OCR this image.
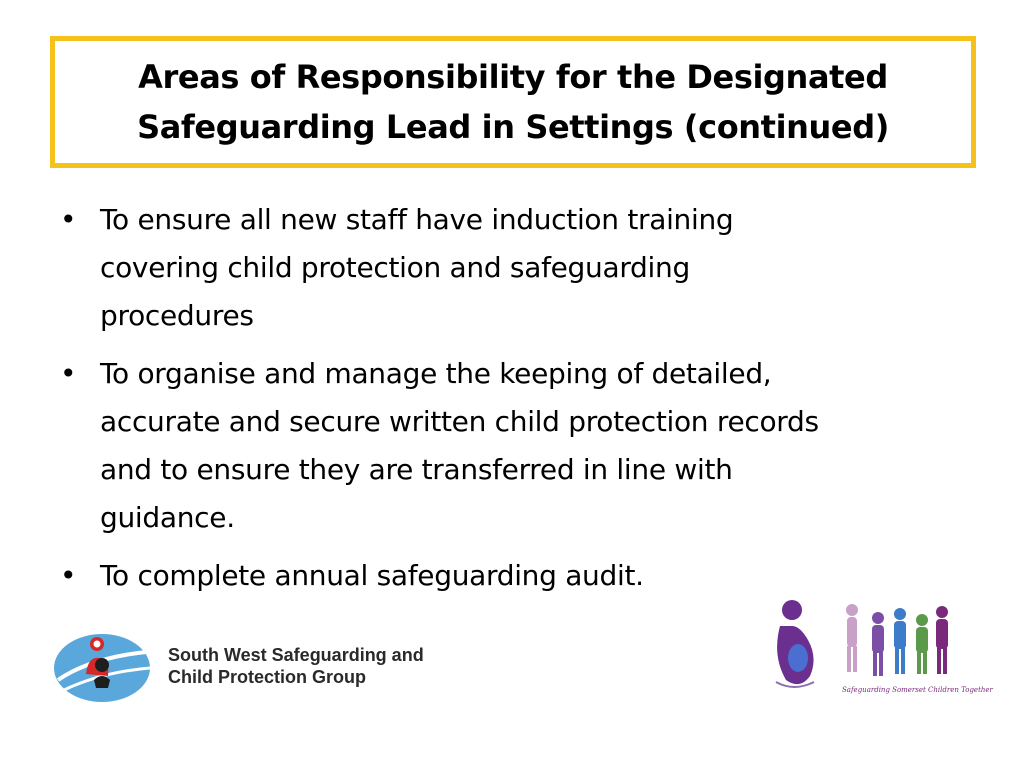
Areas of Responsibility for the Designated
Safeguarding Lead in Settings (continued)
• To ensure all new staff have induction training
covering child protection and safeguarding
procedures
• To organise and manage the keeping of detailed,
accurate and secure written child protection records
and to ensure they are transferred in line with
guidance.
• To complete annual safeguarding audit.
South West Safeguarding and
Child Protection Group
Safeguarding Somerset Children Together
